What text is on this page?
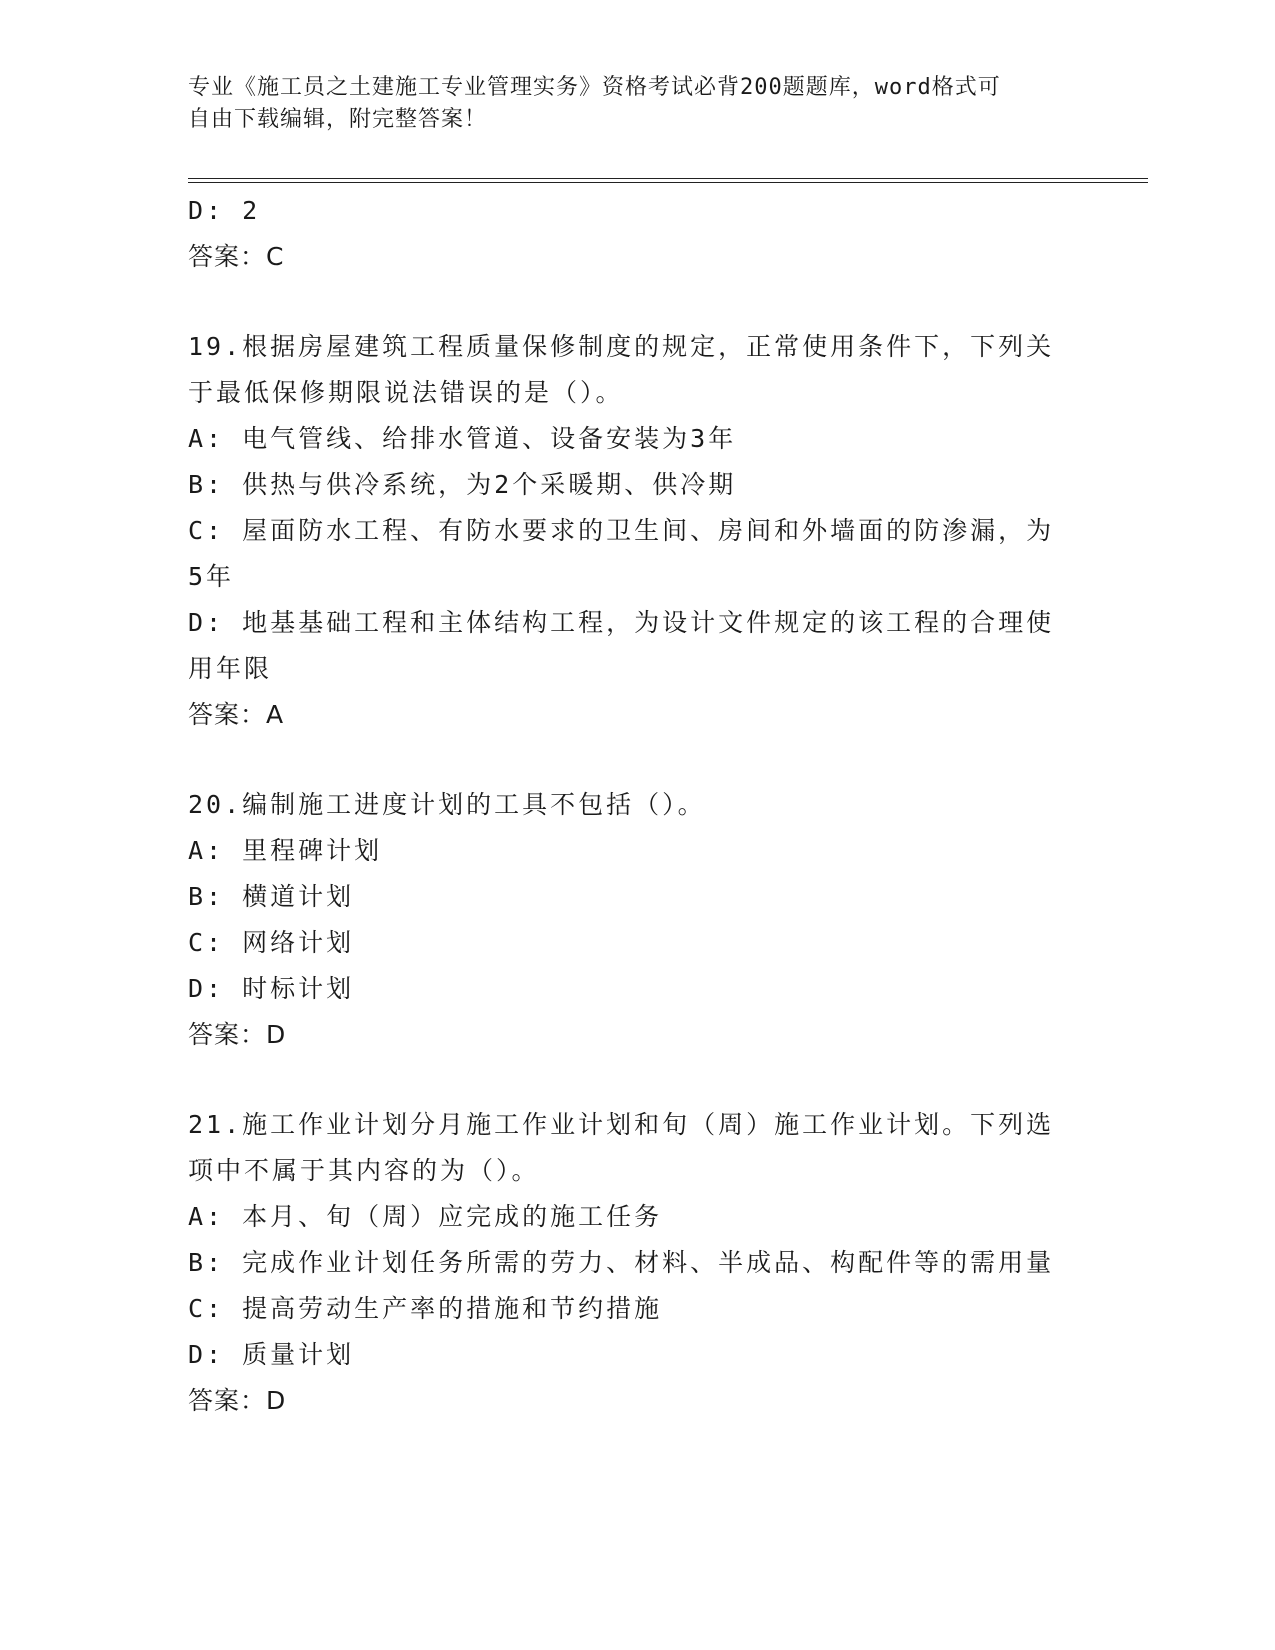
专业《施工员之土建施工专业管理实务》资格考试必背200题题库，word格式可
自由下载编辑，附完整答案！
D: 2
答案：C
19.根据房屋建筑工程质量保修制度的规定，正常使用条件下，下列关
于最低保修期限说法错误的是（）。
A: 电气管线、给排水管道、设备安装为3年
B: 供热与供冷系统，为2个采暖期、供冷期
C: 屋面防水工程、有防水要求的卫生间、房间和外墙面的防渗漏，为
5年
D: 地基基础工程和主体结构工程，为设计文件规定的该工程的合理使
用年限
答案：A
20.编制施工进度计划的工具不包括（）。
A: 里程碑计划
B: 横道计划
C: 网络计划
D: 时标计划
答案：D
21.施工作业计划分月施工作业计划和旬（周）施工作业计划。下列选
项中不属于其内容的为（）。
A: 本月、旬（周）应完成的施工任务
B: 完成作业计划任务所需的劳力、材料、半成品、构配件等的需用量
C: 提高劳动生产率的措施和节约措施
D: 质量计划
答案：D
